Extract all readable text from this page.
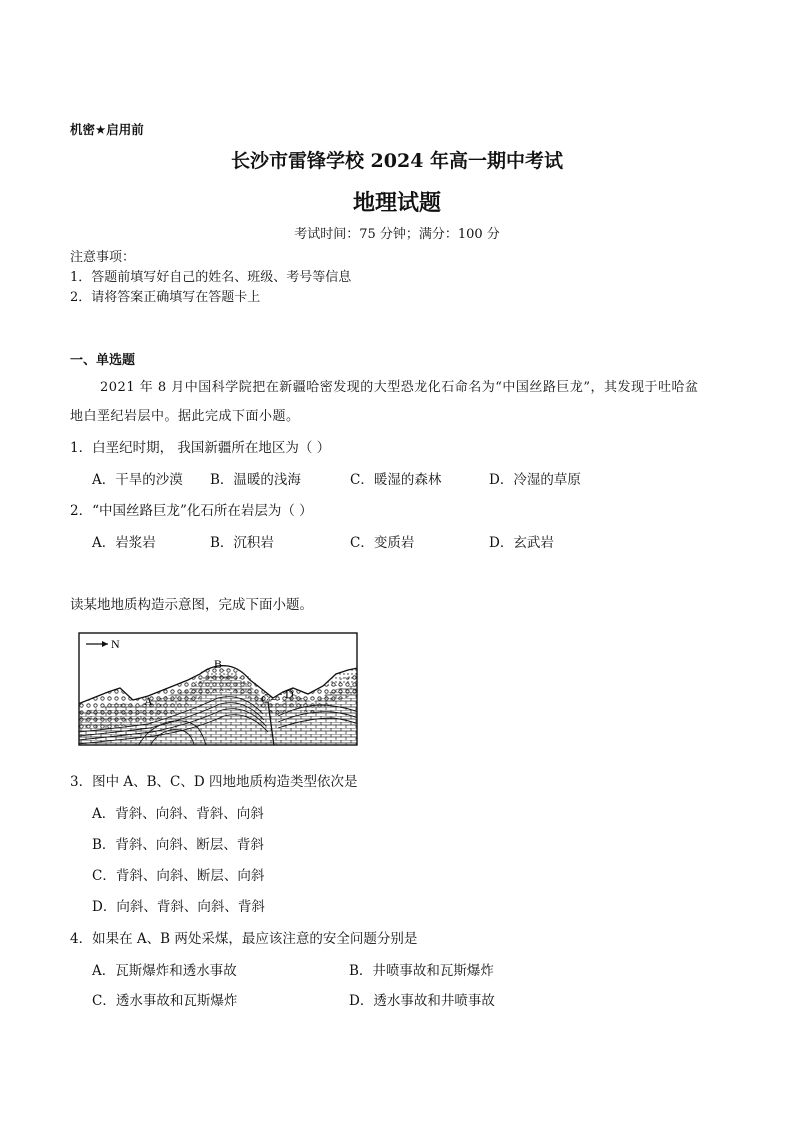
机密★启用前
长沙市雷锋学校 2024 年高一期中考试
地理试题
考试时间：75 分钟；满分：100 分
注意事项：
1．答题前填写好自己的姓名、班级、考号等信息
2．请将答案正确填写在答题卡上
一、单选题
2021 年 8 月中国科学院把在新疆哈密发现的大型恐龙化石命名为“中国丝路巨龙”，其发现于吐哈盆
地白垩纪岩层中。据此完成下面小题。
1．白垩纪时期， 我国新疆所在地区为（ ）
A．干旱的沙漠 B．温暖的浅海	C．暖湿的森林	D．冷湿的草原
2．“中国丝路巨龙”化石所在岩层为（ ）
A．岩浆岩	B．沉积岩	C．变质岩	D．玄武岩
读某地地质构造示意图，完成下面小题。
N
A
B
C D
3．图中 A、B、C、D 四地地质构造类型依次是
A．背斜、向斜、背斜、向斜
B．背斜、向斜、断层、背斜
C．背斜、向斜、断层、向斜
D．向斜、背斜、向斜、背斜
4．如果在 A、B 两处采煤，最应该注意的安全问题分别是
A．瓦斯爆炸和透水事故	B．井喷事故和瓦斯爆炸
C．透水事故和瓦斯爆炸	D．透水事故和井喷事故
